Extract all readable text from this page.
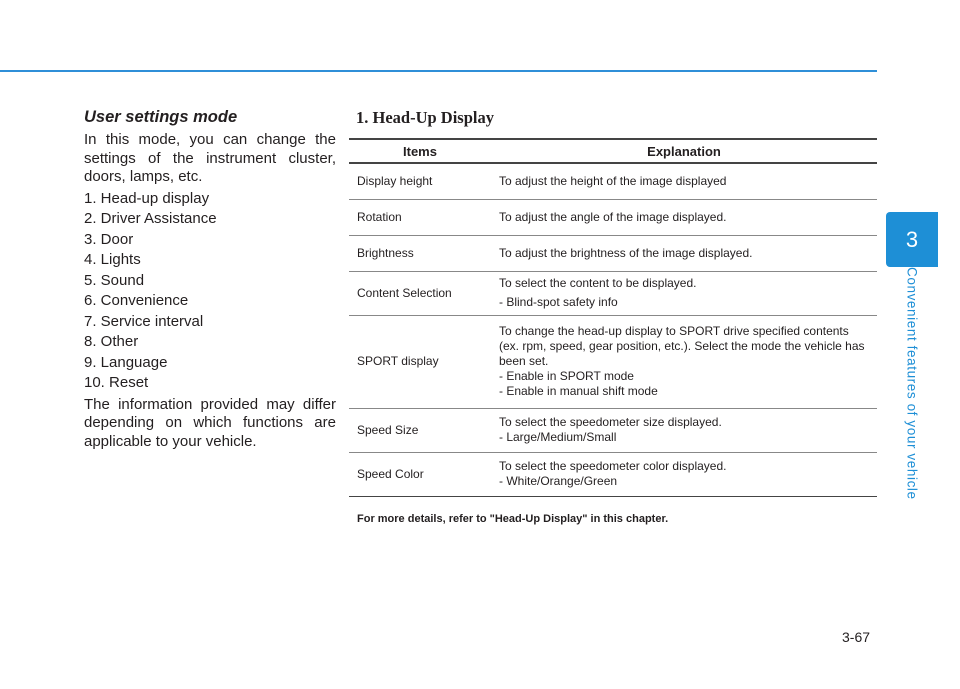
User settings mode

In this mode, you can change the settings of the instrument cluster, doors, lamps, etc.

1. Head-up display
2. Driver Assistance
3. Door
4. Lights
5. Sound
6. Convenience
7. Service interval
8. Other
9. Language
10. Reset

The information provided may differ depending on which functions are applicable to your vehicle.

1. Head-Up Display
Items	Explanation
Display height	To adjust the height of the image displayed

Rotation	To adjust the angle of the image displayed.

Brightness	To adjust the brightness of the image displayed.

Content Selection	To select the content to be displayed.
- Blind-spot safety info

SPORT display	To change the head-up display to SPORT drive specified contents
(ex. rpm, speed, gear position, etc.). Select the mode the vehicle has
been set.
- Enable in SPORT mode
- Enable in manual shift mode

Speed Size	To select the speedometer size displayed.
- Large/Medium/Small

Speed Color	To select the speedometer color displayed.
- White/Orange/Green
For more details, refer to "Head-Up Display" in this chapter.
3
Convenient features of your vehicle
3-67
